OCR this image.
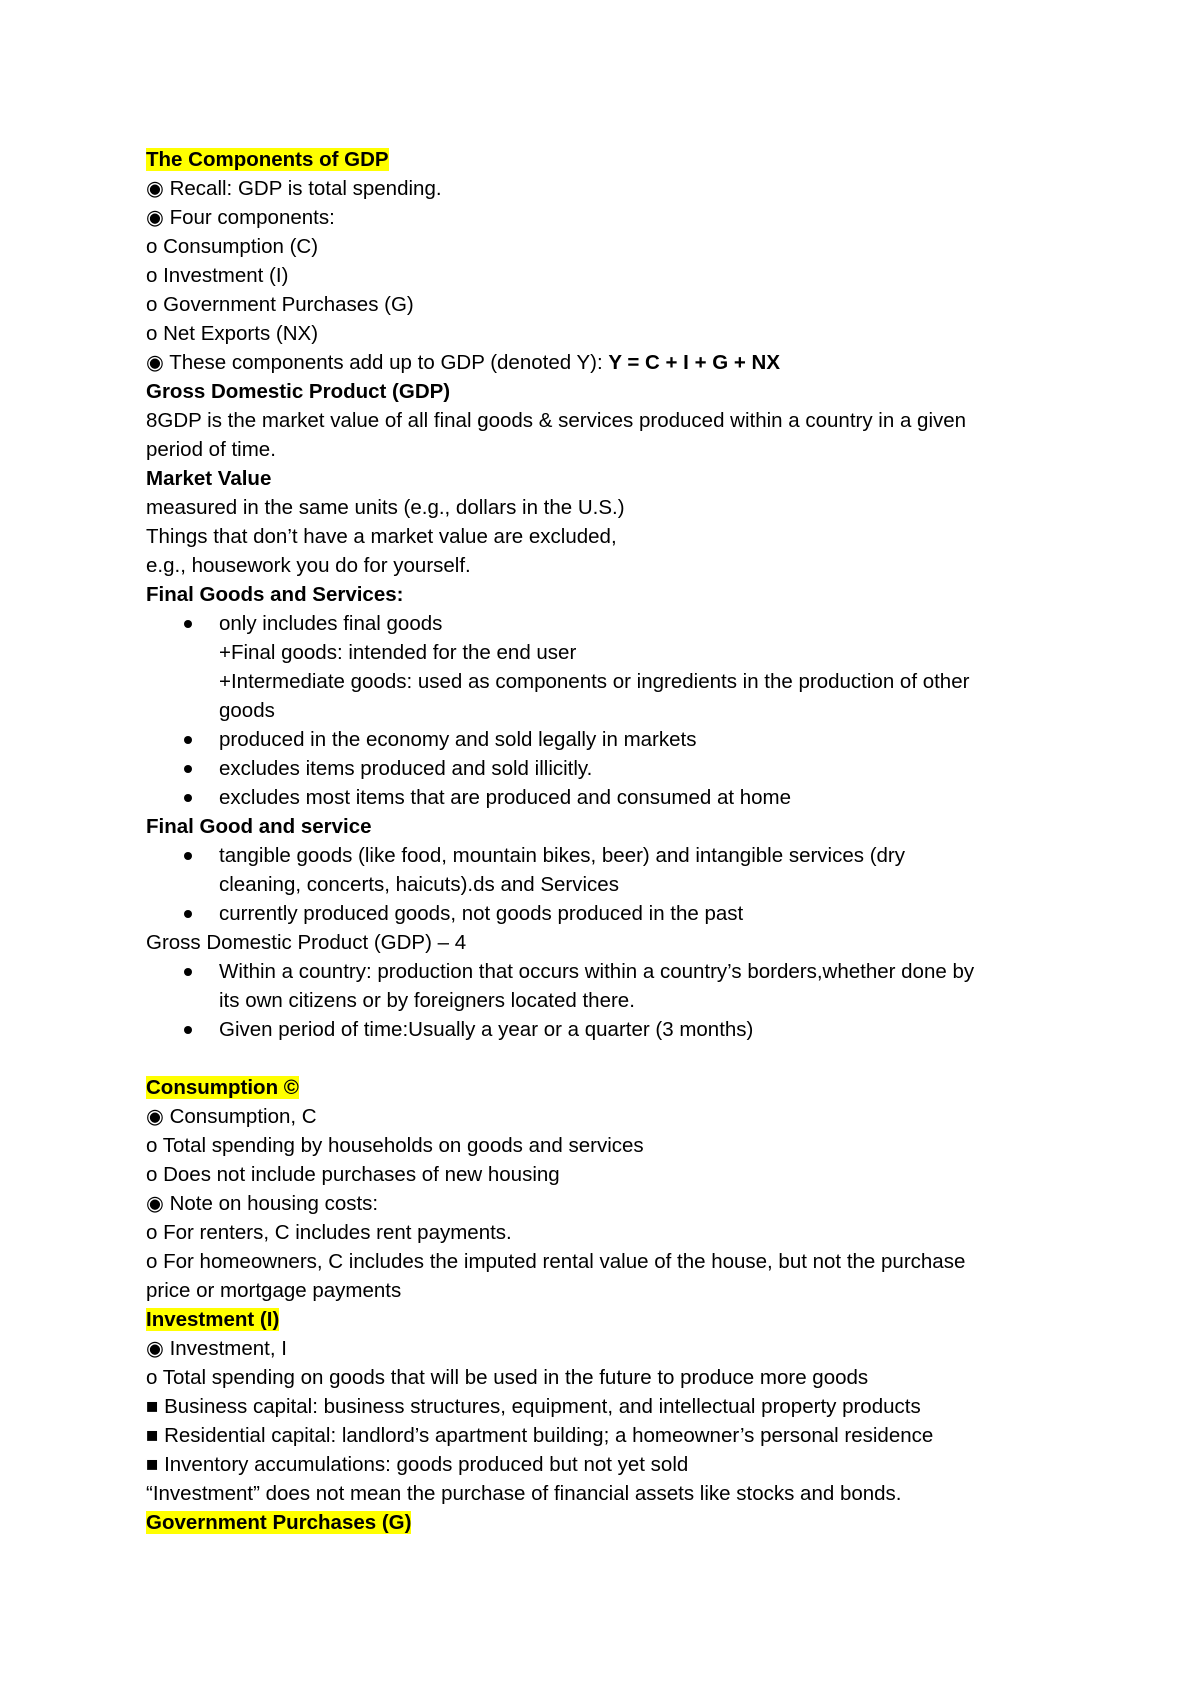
The Components of GDP
◉ Recall: GDP is total spending.
◉ Four components:
o Consumption (C)
o Investment (I)
o Government Purchases (G)
o Net Exports (NX)
◉ These components add up to GDP (denoted Y): Y = C + I + G + NX
Gross Domestic Product (GDP)
8GDP is the market value of all final goods & services produced within a country in a given
period of time.
Market Value
measured in the same units (e.g., dollars in the U.S.)
Things that don’t have a market value are excluded,
e.g., housework you do for yourself.
Final Goods and Services:
only includes final goods
+Final goods: intended for the end user
+Intermediate goods: used as components or ingredients in the production of other
goods
produced in the economy and sold legally in markets
excludes items produced and sold illicitly.
excludes most items that are produced and consumed at home
Final Good and service
tangible goods (like food, mountain bikes, beer) and intangible services (dry
cleaning, concerts, haicuts).ds and Services
currently produced goods, not goods produced in the past
Gross Domestic Product (GDP) – 4
Within a country: production that occurs within a country’s borders,whether done by
its own citizens or by foreigners located there.
Given period of time:Usually a year or a quarter (3 months)
Consumption ©
◉ Consumption, C
o Total spending by households on goods and services
o Does not include purchases of new housing
◉ Note on housing costs:
o For renters, C includes rent payments.
o For homeowners, C includes the imputed rental value of the house, but not the purchase
price or mortgage payments
Investment (I)
◉ Investment, I
o Total spending on goods that will be used in the future to produce more goods
■ Business capital: business structures, equipment, and intellectual property products
■ Residential capital: landlord’s apartment building; a homeowner’s personal residence
■ Inventory accumulations: goods produced but not yet sold
“Investment” does not mean the purchase of financial assets like stocks and bonds.
Government Purchases (G)
